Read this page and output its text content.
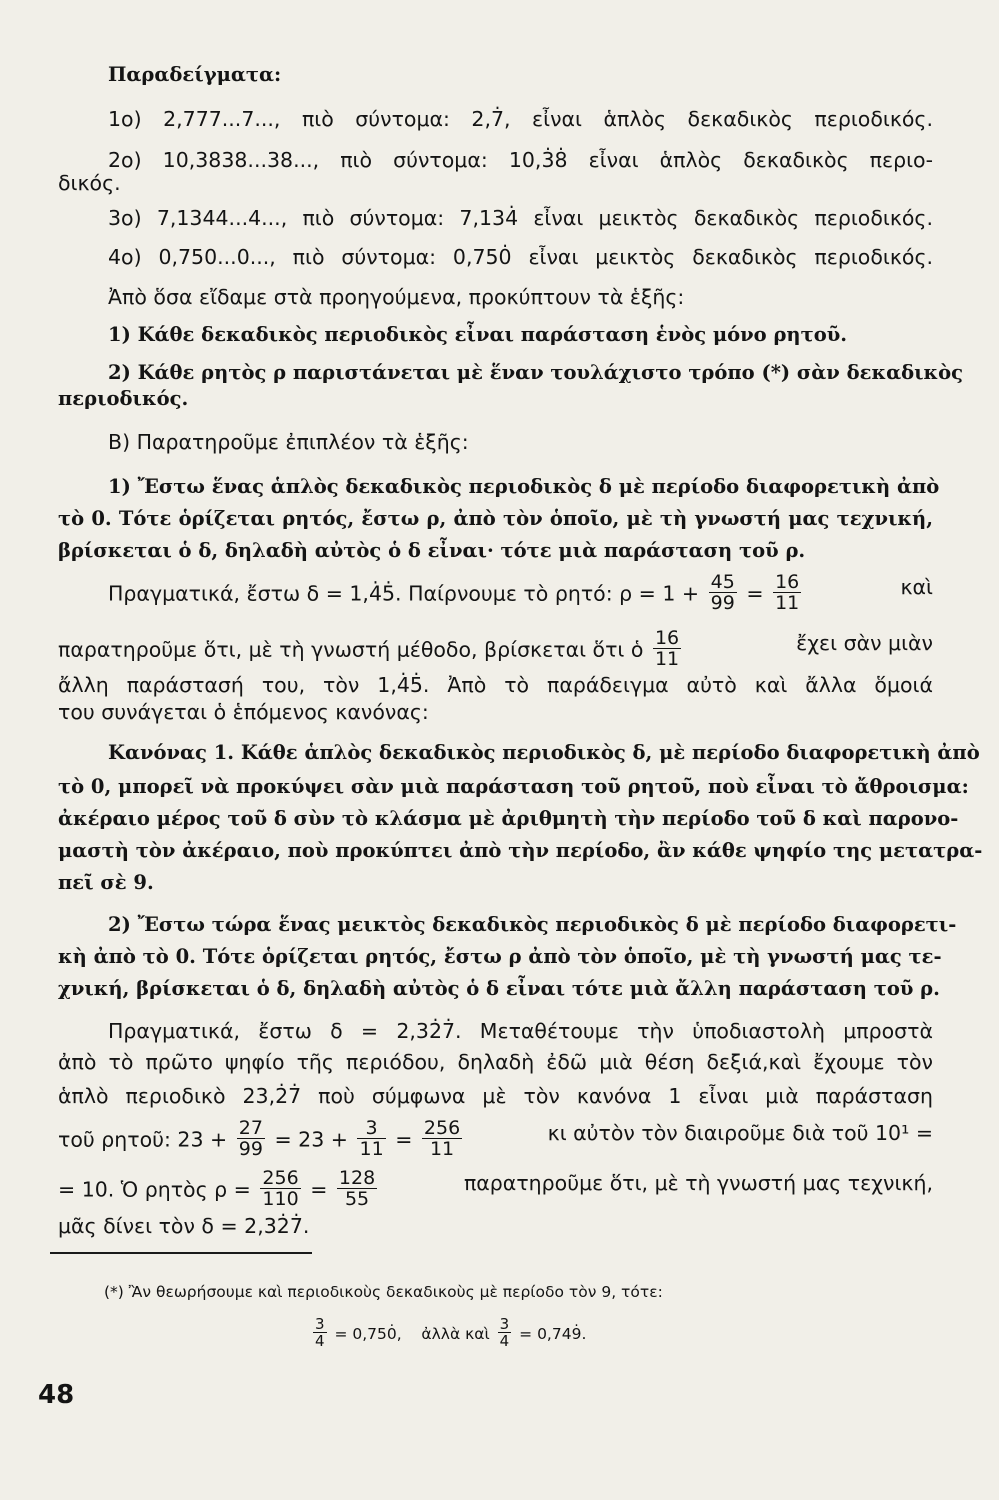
Παραδείγματα:
1ο) 2,777...7..., πιὸ σύντομα: 2,7̇, εἶναι ἁπλὸς δεκαδικὸς περιοδικός.
2ο) 10,3838...38..., πιὸ σύντομα: 10,3̇8̇ εἶναι ἁπλὸς δεκαδικὸς περιο-
δικός.
3ο) 7,1344...4..., πιὸ σύντομα: 7,134̇ εἶναι μεικτὸς δεκαδικὸς περιοδικός.
4ο) 0,750...0..., πιὸ σύντομα: 0,750̇ εἶναι μεικτὸς δεκαδικὸς περιοδικός.
Ἀπὸ ὅσα εἴδαμε στὰ προηγούμενα, προκύπτουν τὰ ἑξῆς:
1) Κάθε δεκαδικὸς περιοδικὸς εἶναι παράσταση ἑνὸς μόνο ρητοῦ.
2) Κάθε ρητὸς ρ παριστάνεται μὲ ἕναν τουλάχιστο τρόπο (*) σὰν δεκαδικὸς
περιοδικός.
Β) Παρατηροῦμε ἐπιπλέον τὰ ἑξῆς:
1) Ἔστω ἕνας ἁπλὸς δεκαδικὸς περιοδικὸς δ μὲ περίοδο διαφορετικὴ ἀπὸ
τὸ 0. Τότε ὁρίζεται ρητός, ἔστω ρ, ἀπὸ τὸν ὁποῖο, μὲ τὴ γνωστή μας τεχνική,
βρίσκεται ὁ δ, δηλαδὴ αὐτὸς ὁ δ εἶναι· τότε μιὰ παράσταση τοῦ ρ.
Πραγματικά, ἔστω δ = 1,4̇5̇. Παίρνουμε τὸ ρητό: $\rho = 1 + \frac{45}{99} = \frac{16}{11}$	καὶ
παρατηροῦμε ὅτι, μὲ τὴ γνωστή μέθοδο, βρίσκεται ὅτι ὁ $\frac{16}{11}$	ἔχει σὰν μιὰν
ἄλλη παράστασή του, τὸν 1,4̇5̇. Ἀπὸ τὸ παράδειγμα αὐτὸ καὶ ἄλλα ὅμοιά
του συνάγεται ὁ ἑπόμενος κανόνας:
Κανόνας 1. Κάθε ἁπλὸς δεκαδικὸς περιοδικὸς δ, μὲ περίοδο διαφορετικὴ ἀπὸ
τὸ 0, μπορεῖ νὰ προκύψει σὰν μιὰ παράσταση τοῦ ρητοῦ, ποὺ εἶναι τὸ ἄθροισμα:
ἀκέραιο μέρος τοῦ δ σὺν τὸ κλάσμα μὲ ἀριθμητὴ τὴν περίοδο τοῦ δ καὶ παρονο-
μαστὴ τὸν ἀκέραιο, ποὺ προκύπτει ἀπὸ τὴν περίοδο, ἂν κάθε ψηφίο της μετατρα-
πεῖ σὲ 9.
2) Ἔστω τώρα ἕνας μεικτὸς δεκαδικὸς περιοδικὸς δ μὲ περίοδο διαφορετι-
κὴ ἀπὸ τὸ 0. Τότε ὁρίζεται ρητός, ἔστω ρ ἀπὸ τὸν ὁποῖο, μὲ τὴ γνωστή μας τε-
χνική, βρίσκεται ὁ δ, δηλαδὴ αὐτὸς ὁ δ εἶναι τότε μιὰ ἄλλη παράσταση τοῦ ρ.
Πραγματικά, ἔστω δ = 2,32̇7̇. Μεταθέτουμε τὴν ὑποδιαστολὴ μπροστὰ
ἀπὸ τὸ πρῶτο ψηφίο τῆς περιόδου, δηλαδὴ ἐδῶ μιὰ θέση δεξιά,καὶ ἔχουμε τὸν
ἁπλὸ περιοδικὸ 23,2̇7̇ ποὺ σύμφωνα μὲ τὸν κανόνα 1 εἶναι μιὰ παράσταση
τοῦ ρητοῦ: $23 + \frac{27}{99} = 23 + \frac{3}{11} = \frac{256}{11}$	κι αὐτὸν τὸν διαιροῦμε διὰ τοῦ 10¹ =
= 10. Ὁ ρητὸς $\rho = \frac{256}{110} = \frac{128}{55}$	παρατηροῦμε ὅτι, μὲ τὴ γνωστή μας τεχνική,
μᾶς δίνει τὸν δ = 2,32̇7̇.
(*) Ἂν θεωρήσουμε καὶ περιοδικοὺς δεκαδικοὺς μὲ περίοδο τὸν 9, τότε:
$\frac{3}{4}$ = 0,750̇, ἀλλὰ καὶ $\frac{3}{4}$ = 0,749̇.
48
